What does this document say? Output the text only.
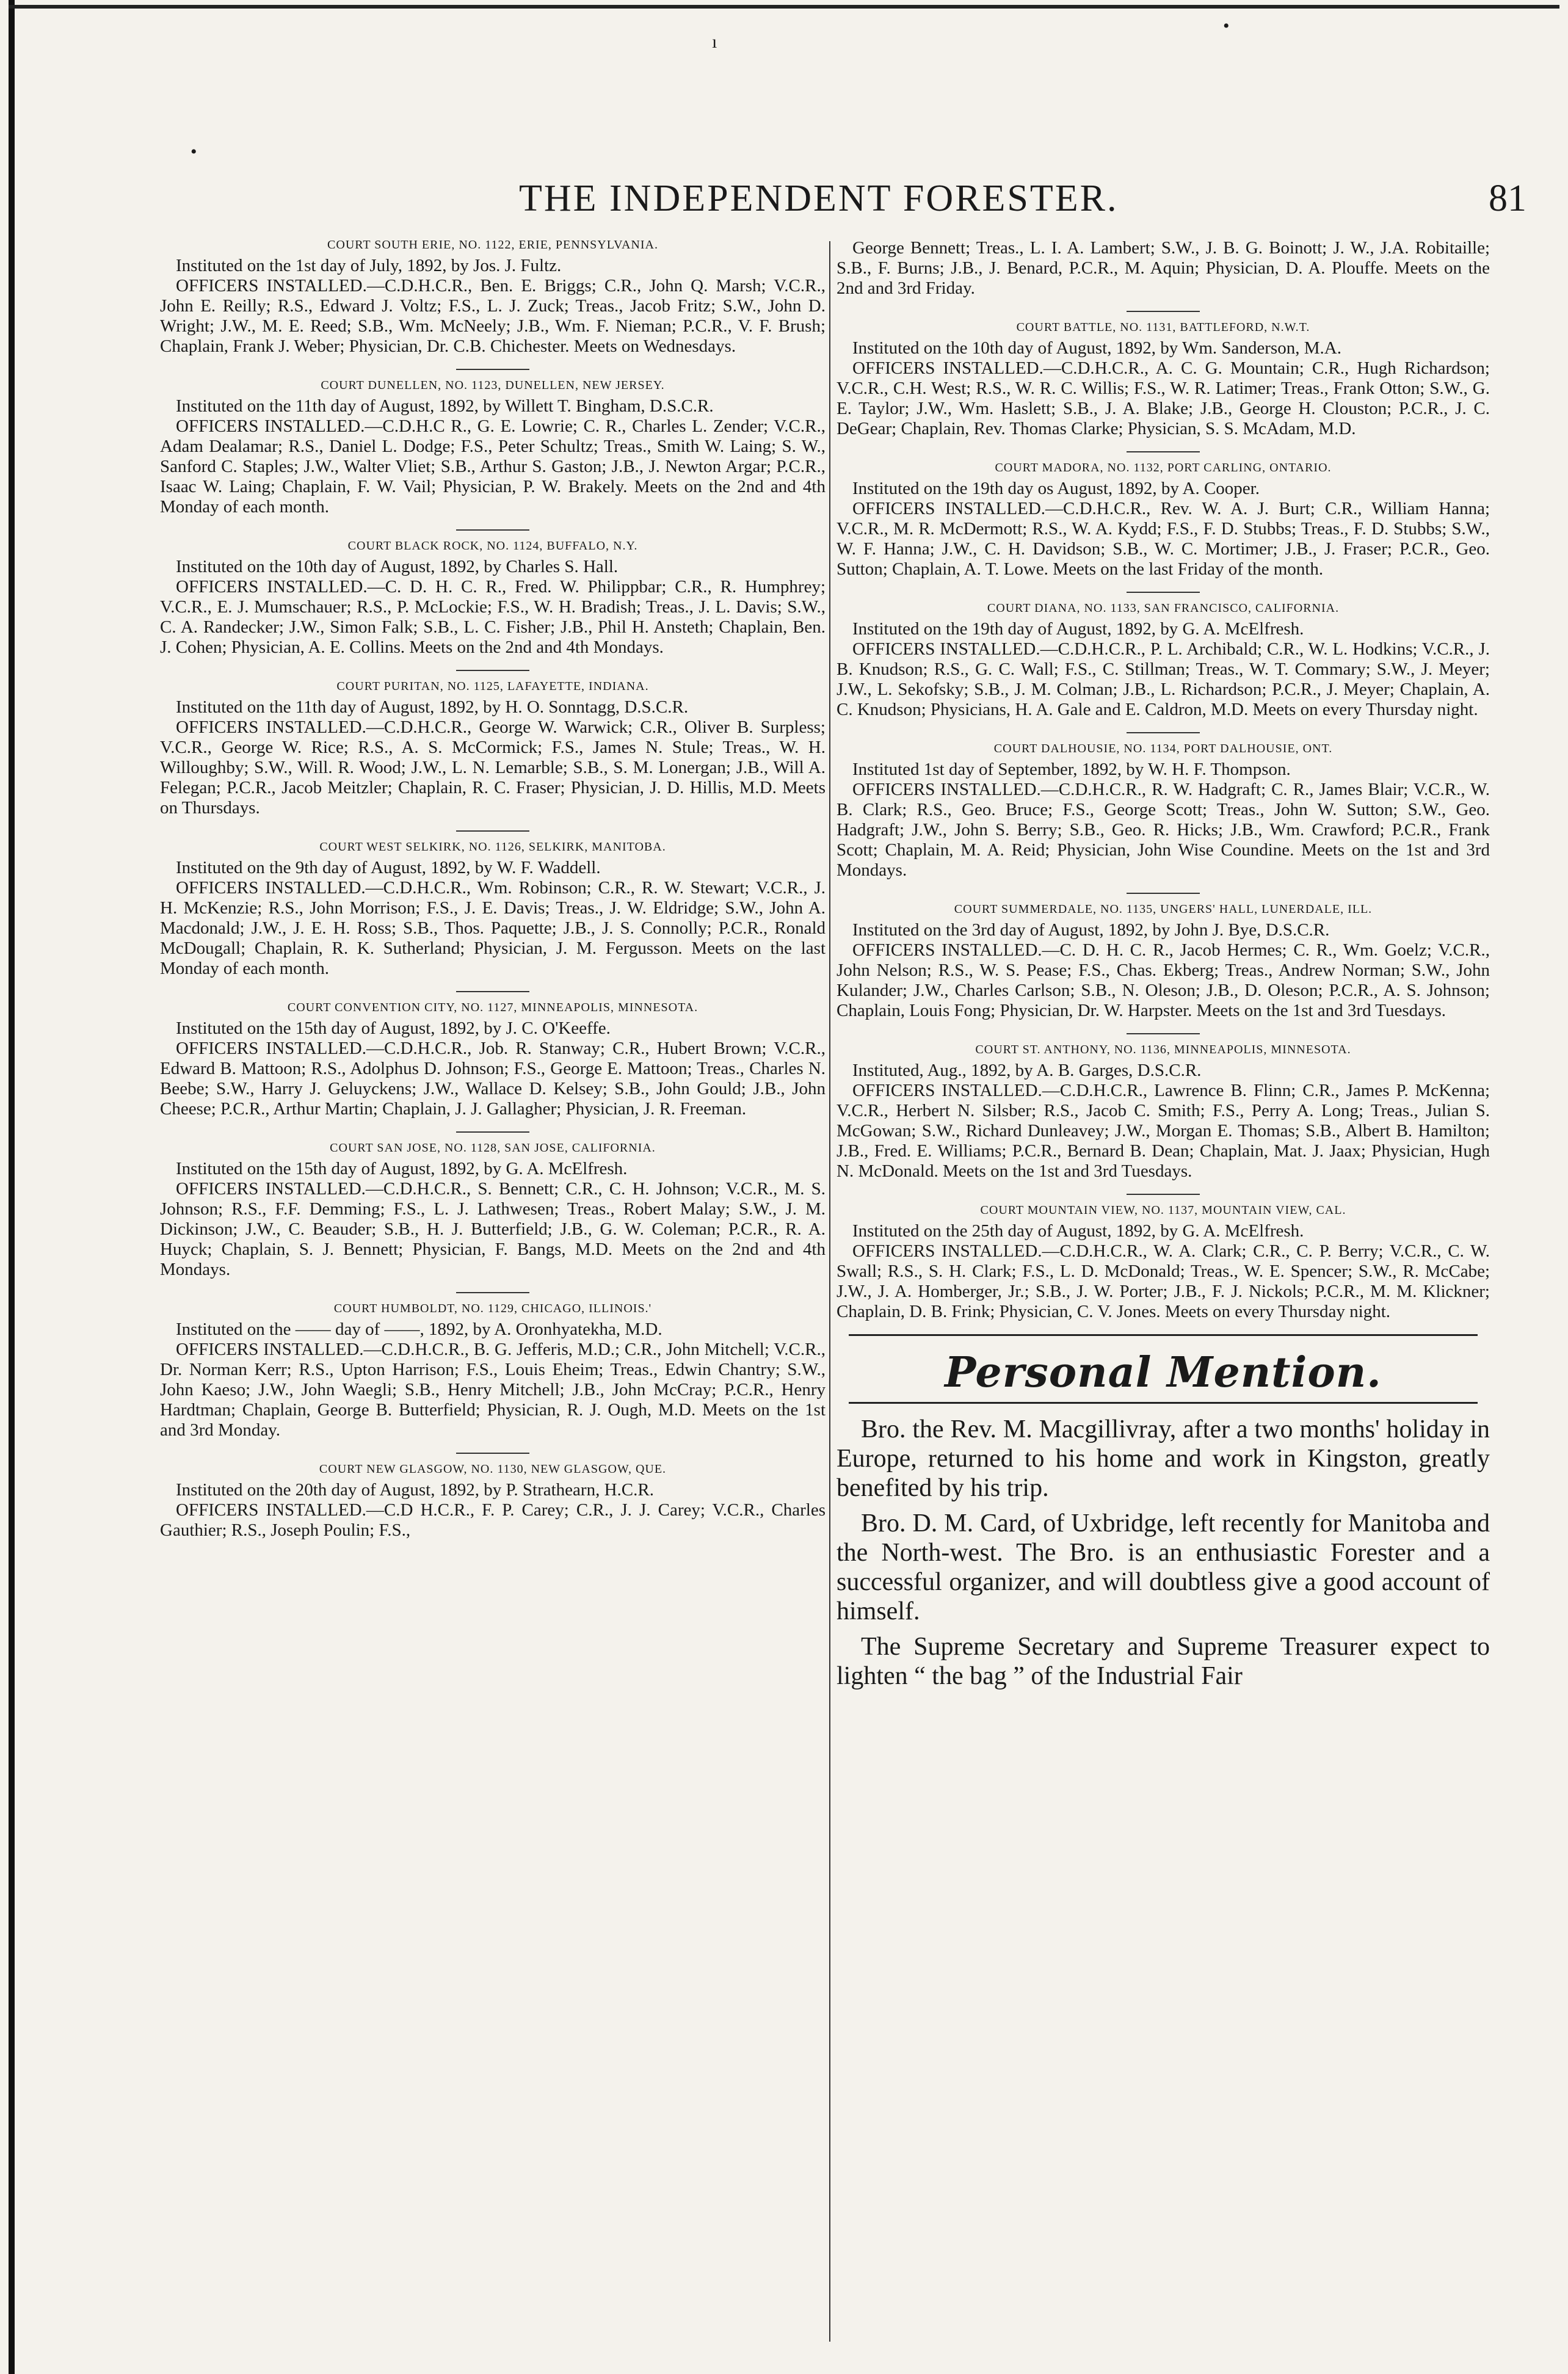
ı
•
•
THE INDEPENDENT FORESTER.	81
COURT SOUTH ERIE, NO. 1122, ERIE, PENNSYLVANIA.

Instituted on the 1st day of July, 1892, by Jos. J. Fultz.

OFFICERS INSTALLED.—C.D.H.C.R., Ben. E. Briggs; C.R., John Q. Marsh; V.C.R., John E. Reilly; R.S., Edward J. Voltz; F.S., L. J. Zuck; Treas., Jacob Fritz; S.W., John D. Wright; J.W., M. E. Reed; S.B., Wm. McNeely; J.B., Wm. F. Nieman; P.C.R., V. F. Brush; Chaplain, Frank J. Weber; Physician, Dr. C.B. Chichester. Meets on Wednesdays.

COURT DUNELLEN, NO. 1123, DUNELLEN, NEW JERSEY.

Instituted on the 11th day of August, 1892, by Willett T. Bingham, D.S.C.R.

OFFICERS INSTALLED.—C.D.H.C R., G. E. Lowrie; C. R., Charles L. Zender; V.C.R., Adam Dealamar; R.S., Daniel L. Dodge; F.S., Peter Schultz; Treas., Smith W. Laing; S. W., Sanford C. Staples; J.W., Walter Vliet; S.B., Arthur S. Gaston; J.B., J. Newton Argar; P.C.R., Isaac W. Laing; Chaplain, F. W. Vail; Physician, P. W. Brakely. Meets on the 2nd and 4th Monday of each month.

COURT BLACK ROCK, NO. 1124, BUFFALO, N.Y.

Instituted on the 10th day of August, 1892, by Charles S. Hall.

OFFICERS INSTALLED.—C. D. H. C. R., Fred. W. Philippbar; C.R., R. Humphrey; V.C.R., E. J. Mumschauer; R.S., P. McLockie; F.S., W. H. Bradish; Treas., J. L. Davis; S.W., C. A. Randecker; J.W., Simon Falk; S.B., L. C. Fisher; J.B., Phil H. Ansteth; Chaplain, Ben. J. Cohen; Physician, A. E. Collins. Meets on the 2nd and 4th Mondays.

COURT PURITAN, NO. 1125, LAFAYETTE, INDIANA.

Instituted on the 11th day of August, 1892, by H. O. Sonntagg, D.S.C.R.

OFFICERS INSTALLED.—C.D.H.C.R., George W. Warwick; C.R., Oliver B. Surpless; V.C.R., George W. Rice; R.S., A. S. McCormick; F.S., James N. Stule; Treas., W. H. Willoughby; S.W., Will. R. Wood; J.W., L. N. Lemarble; S.B., S. M. Lonergan; J.B., Will A. Felegan; P.C.R., Jacob Meitzler; Chaplain, R. C. Fraser; Physician, J. D. Hillis, M.D. Meets on Thursdays.

COURT WEST SELKIRK, NO. 1126, SELKIRK, MANITOBA.

Instituted on the 9th day of August, 1892, by W. F. Waddell.

OFFICERS INSTALLED.—C.D.H.C.R., Wm. Robinson; C.R., R. W. Stewart; V.C.R., J. H. McKenzie; R.S., John Morrison; F.S., J. E. Davis; Treas., J. W. Eldridge; S.W., John A. Macdonald; J.W., J. E. H. Ross; S.B., Thos. Paquette; J.B., J. S. Connolly; P.C.R., Ronald McDougall; Chaplain, R. K. Sutherland; Physician, J. M. Fergusson. Meets on the last Monday of each month.

COURT CONVENTION CITY, NO. 1127, MINNEAPOLIS, MINNESOTA.

Instituted on the 15th day of August, 1892, by J. C. O'Keeffe.

OFFICERS INSTALLED.—C.D.H.C.R., Job. R. Stanway; C.R., Hubert Brown; V.C.R., Edward B. Mattoon; R.S., Adolphus D. Johnson; F.S., George E. Mattoon; Treas., Charles N. Beebe; S.W., Harry J. Geluyckens; J.W., Wallace D. Kelsey; S.B., John Gould; J.B., John Cheese; P.C.R., Arthur Martin; Chaplain, J. J. Gallagher; Physician, J. R. Freeman.

COURT SAN JOSE, NO. 1128, SAN JOSE, CALIFORNIA.

Instituted on the 15th day of August, 1892, by G. A. McElfresh.

OFFICERS INSTALLED.—C.D.H.C.R., S. Bennett; C.R., C. H. Johnson; V.C.R., M. S. Johnson; R.S., F.F. Demming; F.S., L. J. Lathwesen; Treas., Robert Malay; S.W., J. M. Dickinson; J.W., C. Beauder; S.B., H. J. Butterfield; J.B., G. W. Coleman; P.C.R., R. A. Huyck; Chaplain, S. J. Bennett; Physician, F. Bangs, M.D. Meets on the 2nd and 4th Mondays.

COURT HUMBOLDT, NO. 1129, CHICAGO, ILLINOIS.'

Instituted on the —— day of ——, 1892, by A. Oronhyatekha, M.D.

OFFICERS INSTALLED.—C.D.H.C.R., B. G. Jefferis, M.D.; C.R., John Mitchell; V.C.R., Dr. Norman Kerr; R.S., Upton Harrison; F.S., Louis Eheim; Treas., Edwin Chantry; S.W., John Kaeso; J.W., John Waegli; S.B., Henry Mitchell; J.B., John McCray; P.C.R., Henry Hardtman; Chaplain, George B. Butterfield; Physician, R. J. Ough, M.D. Meets on the 1st and 3rd Monday.

COURT NEW GLASGOW, NO. 1130, NEW GLASGOW, QUE.

Instituted on the 20th day of August, 1892, by P. Strathearn, H.C.R.

OFFICERS INSTALLED.—C.D H.C.R., F. P. Carey; C.R., J. J. Carey; V.C.R., Charles Gauthier; R.S., Joseph Poulin; F.S.,

George Bennett; Treas., L. I. A. Lambert; S.W., J. B. G. Boinott; J. W., J.A. Robitaille; S.B., F. Burns; J.B., J. Benard, P.C.R., M. Aquin; Physician, D. A. Plouffe. Meets on the 2nd and 3rd Friday.

COURT BATTLE, NO. 1131, BATTLEFORD, N.W.T.

Instituted on the 10th day of August, 1892, by Wm. Sanderson, M.A.

OFFICERS INSTALLED.—C.D.H.C.R., A. C. G. Mountain; C.R., Hugh Richardson; V.C.R., C.H. West; R.S., W. R. C. Willis; F.S., W. R. Latimer; Treas., Frank Otton; S.W., G. E. Taylor; J.W., Wm. Haslett; S.B., J. A. Blake; J.B., George H. Clouston; P.C.R., J. C. DeGear; Chaplain, Rev. Thomas Clarke; Physician, S. S. McAdam, M.D.

COURT MADORA, NO. 1132, PORT CARLING, ONTARIO.

Instituted on the 19th day os August, 1892, by A. Cooper.

OFFICERS INSTALLED.—C.D.H.C.R., Rev. W. A. J. Burt; C.R., William Hanna; V.C.R., M. R. McDermott; R.S., W. A. Kydd; F.S., F. D. Stubbs; Treas., F. D. Stubbs; S.W., W. F. Hanna; J.W., C. H. Davidson; S.B., W. C. Mortimer; J.B., J. Fraser; P.C.R., Geo. Sutton; Chaplain, A. T. Lowe. Meets on the last Friday of the month.

COURT DIANA, NO. 1133, SAN FRANCISCO, CALIFORNIA.

Instituted on the 19th day of August, 1892, by G. A. McElfresh.

OFFICERS INSTALLED.—C.D.H.C.R., P. L. Archibald; C.R., W. L. Hodkins; V.C.R., J. B. Knudson; R.S., G. C. Wall; F.S., C. Stillman; Treas., W. T. Commary; S.W., J. Meyer; J.W., L. Sekofsky; S.B., J. M. Colman; J.B., L. Richardson; P.C.R., J. Meyer; Chaplain, A. C. Knudson; Physicians, H. A. Gale and E. Caldron, M.D. Meets on every Thursday night.

COURT DALHOUSIE, NO. 1134, PORT DALHOUSIE, ONT.

Instituted 1st day of September, 1892, by W. H. F. Thompson.

OFFICERS INSTALLED.—C.D.H.C.R., R. W. Hadgraft; C. R., James Blair; V.C.R., W. B. Clark; R.S., Geo. Bruce; F.S., George Scott; Treas., John W. Sutton; S.W., Geo. Hadgraft; J.W., John S. Berry; S.B., Geo. R. Hicks; J.B., Wm. Crawford; P.C.R., Frank Scott; Chaplain, M. A. Reid; Physician, John Wise Coundine. Meets on the 1st and 3rd Mondays.

COURT SUMMERDALE, NO. 1135, UNGERS' HALL, LUNERDALE, ILL.

Instituted on the 3rd day of August, 1892, by John J. Bye, D.S.C.R.

OFFICERS INSTALLED.—C. D. H. C. R., Jacob Hermes; C. R., Wm. Goelz; V.C.R., John Nelson; R.S., W. S. Pease; F.S., Chas. Ekberg; Treas., Andrew Norman; S.W., John Kulander; J.W., Charles Carlson; S.B., N. Oleson; J.B., D. Oleson; P.C.R., A. S. Johnson; Chaplain, Louis Fong; Physician, Dr. W. Harpster. Meets on the 1st and 3rd Tuesdays.

COURT ST. ANTHONY, NO. 1136, MINNEAPOLIS, MINNESOTA.

Instituted, Aug., 1892, by A. B. Garges, D.S.C.R.

OFFICERS INSTALLED.—C.D.H.C.R., Lawrence B. Flinn; C.R., James P. McKenna; V.C.R., Herbert N. Silsber; R.S., Jacob C. Smith; F.S., Perry A. Long; Treas., Julian S. McGowan; S.W., Richard Dunleavey; J.W., Morgan E. Thomas; S.B., Albert B. Hamilton; J.B., Fred. E. Williams; P.C.R., Bernard B. Dean; Chaplain, Mat. J. Jaax; Physician, Hugh N. McDonald. Meets on the 1st and 3rd Tuesdays.

COURT MOUNTAIN VIEW, NO. 1137, MOUNTAIN VIEW, CAL.

Instituted on the 25th day of August, 1892, by G. A. McElfresh.

OFFICERS INSTALLED.—C.D.H.C.R., W. A. Clark; C.R., C. P. Berry; V.C.R., C. W. Swall; R.S., S. H. Clark; F.S., L. D. McDonald; Treas., W. E. Spencer; S.W., R. McCabe; J.W., J. A. Homberger, Jr.; S.B., J. W. Porter; J.B., F. J. Nickols; P.C.R., M. M. Klickner; Chaplain, D. B. Frink; Physician, C. V. Jones. Meets on every Thursday night.

Personal Mention.

Bro. the Rev. M. Macgillivray, after a two months' holiday in Europe, returned to his home and work in Kingston, greatly benefited by his trip.

Bro. D. M. Card, of Uxbridge, left recently for Manitoba and the North-west. The Bro. is an enthusiastic Forester and a successful organizer, and will doubtless give a good account of himself.

The Supreme Secretary and Supreme Treasurer expect to lighten “ the bag ” of the Industrial Fair
